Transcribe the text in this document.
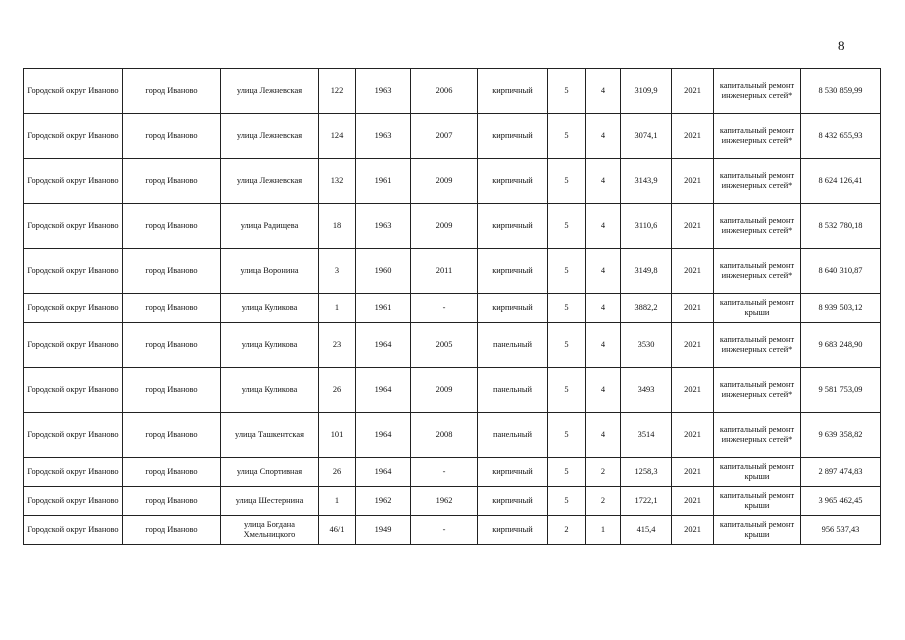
8
Городской округ Иваново	город Иваново	улица Лежневская	122	1963	2006	кирпичный	5	4	3109,9	2021	капитальный ремонт инженерных сетей*	8 530 859,99
Городской округ Иваново	город Иваново	улица Лежневская	124	1963	2007	кирпичный	5	4	3074,1	2021	капитальный ремонт инженерных сетей*	8 432 655,93
Городской округ Иваново	город Иваново	улица Лежневская	132	1961	2009	кирпичный	5	4	3143,9	2021	капитальный ремонт инженерных сетей*	8 624 126,41
Городской округ Иваново	город Иваново	улица Радищева	18	1963	2009	кирпичный	5	4	3110,6	2021	капитальный ремонт инженерных сетей*	8 532 780,18
Городской округ Иваново	город Иваново	улица Воронина	3	1960	2011	кирпичный	5	4	3149,8	2021	капитальный ремонт инженерных сетей*	8 640 310,87
Городской округ Иваново	город Иваново	улица Куликова	1	1961	-	кирпичный	5	4	3882,2	2021	капитальный ремонт крыши	8 939 503,12
Городской округ Иваново	город Иваново	улица Куликова	23	1964	2005	панельный	5	4	3530	2021	капитальный ремонт инженерных сетей*	9 683 248,90
Городской округ Иваново	город Иваново	улица Куликова	26	1964	2009	панельный	5	4	3493	2021	капитальный ремонт инженерных сетей*	9 581 753,09
Городской округ Иваново	город Иваново	улица Ташкентская	101	1964	2008	панельный	5	4	3514	2021	капитальный ремонт инженерных сетей*	9 639 358,82
Городской округ Иваново	город Иваново	улица Спортивная	26	1964	-	кирпичный	5	2	1258,3	2021	капитальный ремонт крыши	2 897 474,83
Городской округ Иваново	город Иваново	улица Шестернина	1	1962	1962	кирпичный	5	2	1722,1	2021	капитальный ремонт крыши	3 965 462,45
Городской округ Иваново	город Иваново	улица Богдана Хмельницкого	46/1	1949	-	кирпичный	2	1	415,4	2021	капитальный ремонт крыши	956 537,43
